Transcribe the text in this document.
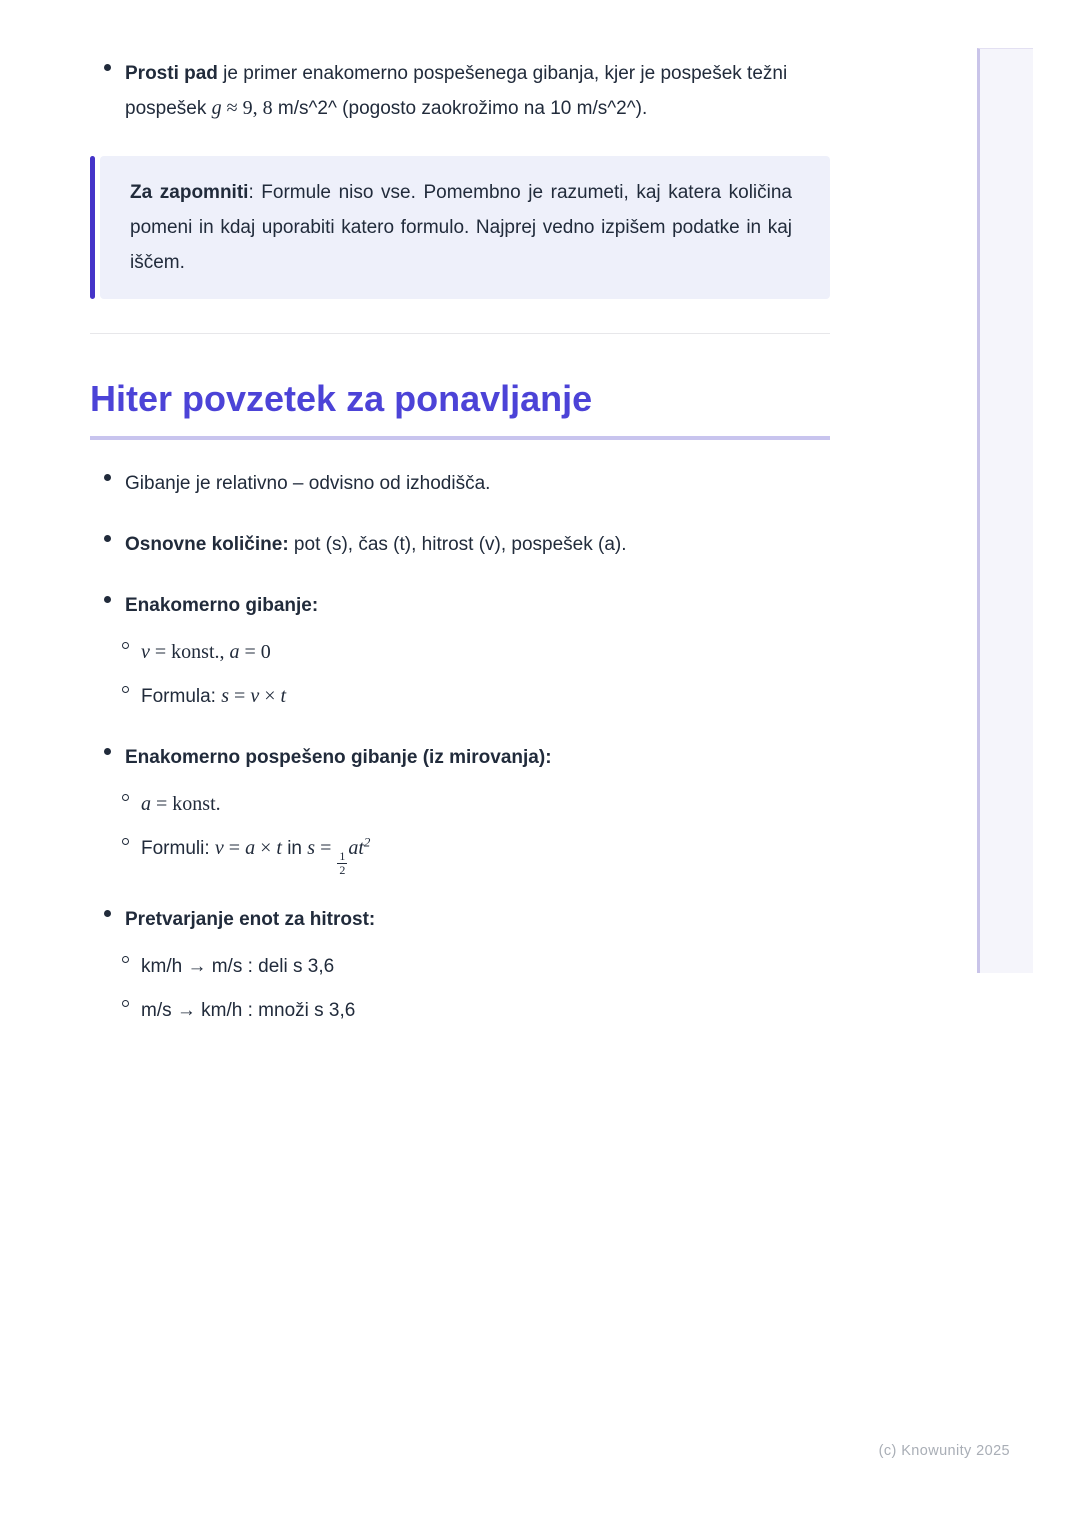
Prosti pad je primer enakomerno pospešenega gibanja, kjer je pospešek težni pospešek g ≈ 9, 8 m/s^2^ (pogosto zaokrožimo na 10 m/s^2^).
Za zapomniti: Formule niso vse. Pomembno je razumeti, kaj katera količina pomeni in kdaj uporabiti katero formulo. Najprej vedno izpišem podatke in kaj iščem.
Hiter povzetek za ponavljanje
Gibanje je relativno – odvisno od izhodišča.
Osnovne količine: pot (s), čas (t), hitrost (v), pospešek (a).
Enakomerno gibanje:
v = konst., a = 0
Formula: s = v × t
Enakomerno pospešeno gibanje (iz mirovanja):
a = konst.
Formuli: v = a × t in s =
$\frac{1}{2}$
$at^2$
Pretvarjanje enot za hitrost:
km/h → m/s : deli s 3,6
m/s → km/h : množi s 3,6
(c) Knowunity 2025
